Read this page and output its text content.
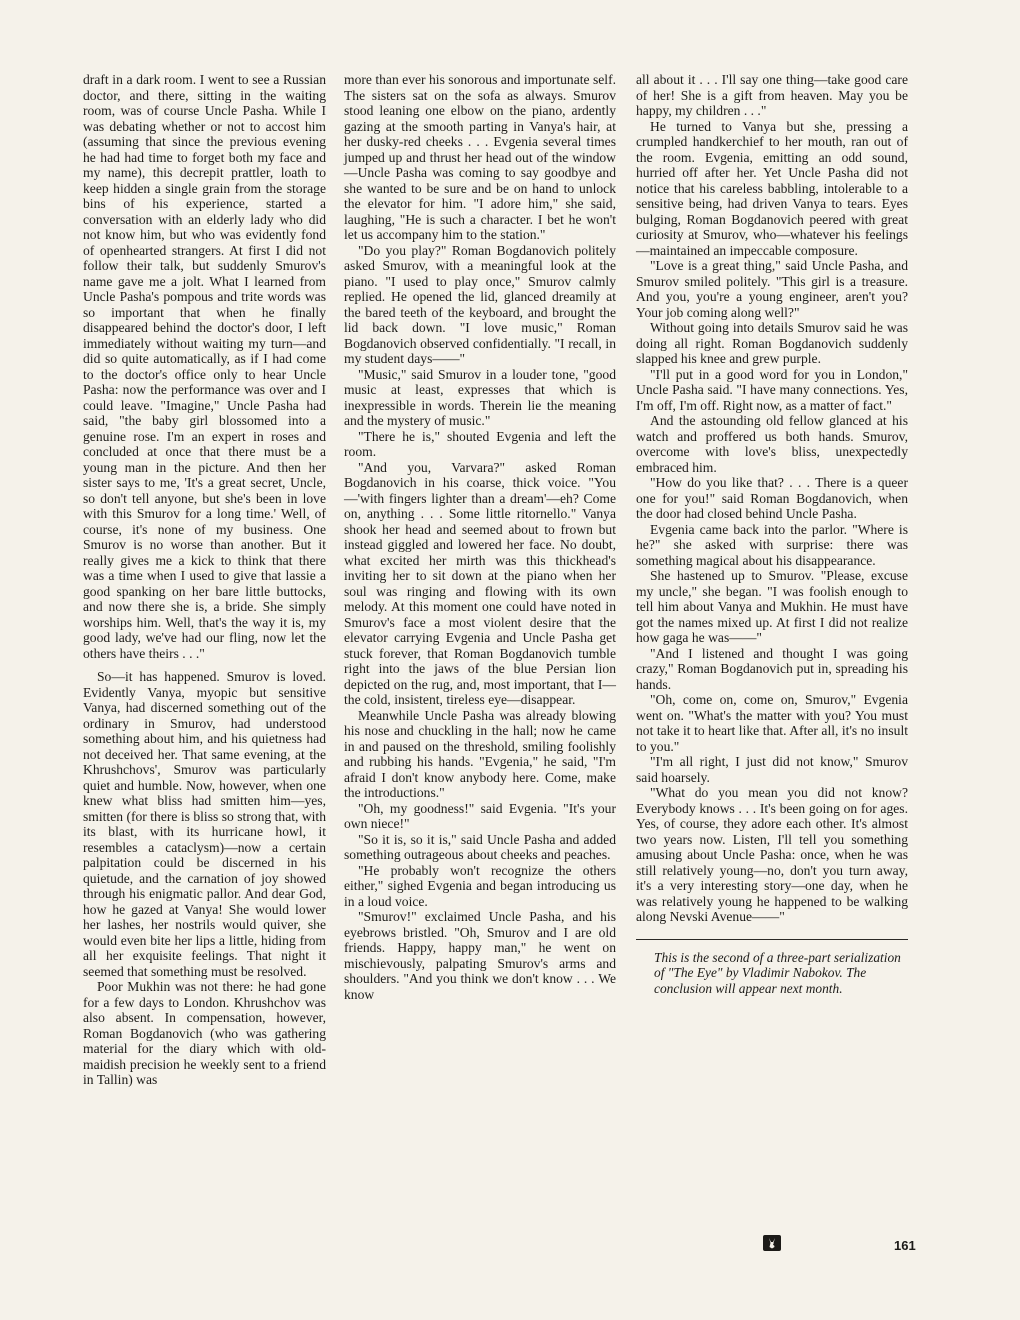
draft in a dark room. I went to see a Russian doctor, and there, sitting in the waiting room, was of course Uncle Pasha. While I was debating whether or not to accost him (assuming that since the previous evening he had had time to forget both my face and my name), this decrepit prattler, loath to keep hidden a single grain from the storage bins of his experience, started a conversation with an elderly lady who did not know him, but who was evidently fond of openhearted strangers. At first I did not follow their talk, but suddenly Smurov's name gave me a jolt. What I learned from Uncle Pasha's pompous and trite words was so important that when he finally disappeared behind the doctor's door, I left immediately without waiting my turn—and did so quite automatically, as if I had come to the doctor's office only to hear Uncle Pasha: now the performance was over and I could leave. "Imagine," Uncle Pasha had said, "the baby girl blossomed into a genuine rose. I'm an expert in roses and concluded at once that there must be a young man in the picture. And then her sister says to me, 'It's a great secret, Uncle, so don't tell anyone, but she's been in love with this Smurov for a long time.' Well, of course, it's none of my business. One Smurov is no worse than another. But it really gives me a kick to think that there was a time when I used to give that lassie a good spanking on her bare little buttocks, and now there she is, a bride. She simply worships him. Well, that's the way it is, my good lady, we've had our fling, now let the others have theirs . . ."

So—it has happened. Smurov is loved. Evidently Vanya, myopic but sensitive Vanya, had discerned something out of the ordinary in Smurov, had understood something about him, and his quietness had not deceived her. That same evening, at the Khrushchovs', Smurov was particularly quiet and humble. Now, however, when one knew what bliss had smitten him—yes, smitten (for there is bliss so strong that, with its blast, with its hurricane howl, it resembles a cataclysm)—now a certain palpitation could be discerned in his quietude, and the carnation of joy showed through his enigmatic pallor. And dear God, how he gazed at Vanya! She would lower her lashes, her nostrils would quiver, she would even bite her lips a little, hiding from all her exquisite feelings. That night it seemed that something must be resolved.

Poor Mukhin was not there: he had gone for a few days to London. Khrushchov was also absent. In compensation, however, Roman Bogdanovich (who was gathering material for the diary which with old-maidish precision he weekly sent to a friend in Tallin) was

more than ever his sonorous and importunate self. The sisters sat on the sofa as always. Smurov stood leaning one elbow on the piano, ardently gazing at the smooth parting in Vanya's hair, at her dusky-red cheeks . . . Evgenia several times jumped up and thrust her head out of the window—Uncle Pasha was coming to say goodbye and she wanted to be sure and be on hand to unlock the elevator for him. "I adore him," she said, laughing, "He is such a character. I bet he won't let us accompany him to the station."

"Do you play?" Roman Bogdanovich politely asked Smurov, with a meaningful look at the piano. "I used to play once," Smurov calmly replied. He opened the lid, glanced dreamily at the bared teeth of the keyboard, and brought the lid back down. "I love music," Roman Bogdanovich observed confidentially. "I recall, in my student days——"

"Music," said Smurov in a louder tone, "good music at least, expresses that which is inexpressible in words. Therein lie the meaning and the mystery of music."

"There he is," shouted Evgenia and left the room.

"And you, Varvara?" asked Roman Bogdanovich in his coarse, thick voice. "You—'with fingers lighter than a dream'—eh? Come on, anything . . . Some little ritornello." Vanya shook her head and seemed about to frown but instead giggled and lowered her face. No doubt, what excited her mirth was this thickhead's inviting her to sit down at the piano when her soul was ringing and flowing with its own melody. At this moment one could have noted in Smurov's face a most violent desire that the elevator carrying Evgenia and Uncle Pasha get stuck forever, that Roman Bogdanovich tumble right into the jaws of the blue Persian lion depicted on the rug, and, most important, that I—the cold, insistent, tireless eye—disappear.

Meanwhile Uncle Pasha was already blowing his nose and chuckling in the hall; now he came in and paused on the threshold, smiling foolishly and rubbing his hands. "Evgenia," he said, "I'm afraid I don't know anybody here. Come, make the introductions."

"Oh, my goodness!" said Evgenia. "It's your own niece!"

"So it is, so it is," said Uncle Pasha and added something outrageous about cheeks and peaches.

"He probably won't recognize the others either," sighed Evgenia and began introducing us in a loud voice.

"Smurov!" exclaimed Uncle Pasha, and his eyebrows bristled. "Oh, Smurov and I are old friends. Happy, happy man," he went on mischievously, palpating Smurov's arms and shoulders. "And you think we don't know . . . We know

all about it . . . I'll say one thing—take good care of her! She is a gift from heaven. May you be happy, my children . . ."

He turned to Vanya but she, pressing a crumpled handkerchief to her mouth, ran out of the room. Evgenia, emitting an odd sound, hurried off after her. Yet Uncle Pasha did not notice that his careless babbling, intolerable to a sensitive being, had driven Vanya to tears. Eyes bulging, Roman Bogdanovich peered with great curiosity at Smurov, who—whatever his feelings—maintained an impeccable composure.

"Love is a great thing," said Uncle Pasha, and Smurov smiled politely. "This girl is a treasure. And you, you're a young engineer, aren't you? Your job coming along well?"

Without going into details Smurov said he was doing all right. Roman Bogdanovich suddenly slapped his knee and grew purple.

"I'll put in a good word for you in London," Uncle Pasha said. "I have many connections. Yes, I'm off, I'm off. Right now, as a matter of fact."

And the astounding old fellow glanced at his watch and proffered us both hands. Smurov, overcome with love's bliss, unexpectedly embraced him.

"How do you like that? . . . There is a queer one for you!" said Roman Bogdanovich, when the door had closed behind Uncle Pasha.

Evgenia came back into the parlor. "Where is he?" she asked with surprise: there was something magical about his disappearance.

She hastened up to Smurov. "Please, excuse my uncle," she began. "I was foolish enough to tell him about Vanya and Mukhin. He must have got the names mixed up. At first I did not realize how gaga he was——"

"And I listened and thought I was going crazy," Roman Bogdanovich put in, spreading his hands.

"Oh, come on, come on, Smurov," Evgenia went on. "What's the matter with you? You must not take it to heart like that. After all, it's no insult to you."

"I'm all right, I just did not know," Smurov said hoarsely.

"What do you mean you did not know? Everybody knows . . . It's been going on for ages. Yes, of course, they adore each other. It's almost two years now. Listen, I'll tell you something amusing about Uncle Pasha: once, when he was still relatively young—no, don't you turn away, it's a very interesting story—one day, when he was relatively young he happened to be walking along Nevski Avenue——"

This is the second of a three-part serialization of "The Eye" by Vladimir Nabokov. The conclusion will appear next month.
161
